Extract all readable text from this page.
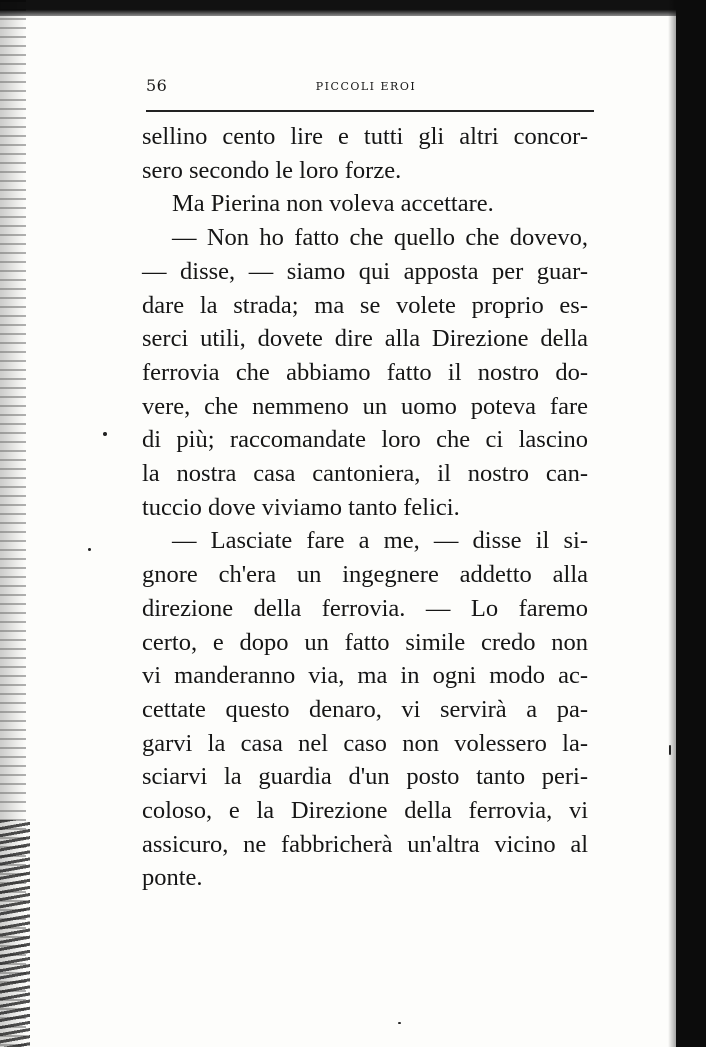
56	PICCOLI EROI
sellino cento lire e tutti gli altri concor-
sero secondo le loro forze.
Ma Pierina non voleva accettare.
— Non ho fatto che quello che dovevo,
— disse, — siamo qui apposta per guar-
dare la strada; ma se volete proprio es-
serci utili, dovete dire alla Direzione della
ferrovia che abbiamo fatto il nostro do-
vere, che nemmeno un uomo poteva fare
di più; raccomandate loro che ci lascino
la nostra casa cantoniera, il nostro can-
tuccio dove viviamo tanto felici.
— Lasciate fare a me, — disse il si-
gnore ch'era un ingegnere addetto alla
direzione della ferrovia. — Lo faremo
certo, e dopo un fatto simile credo non
vi manderanno via, ma in ogni modo ac-
cettate questo denaro, vi servirà a pa-
garvi la casa nel caso non volessero la-
sciarvi la guardia d'un posto tanto peri-
coloso, e la Direzione della ferrovia, vi
assicuro, ne fabbricherà un'altra vicino al
ponte.
